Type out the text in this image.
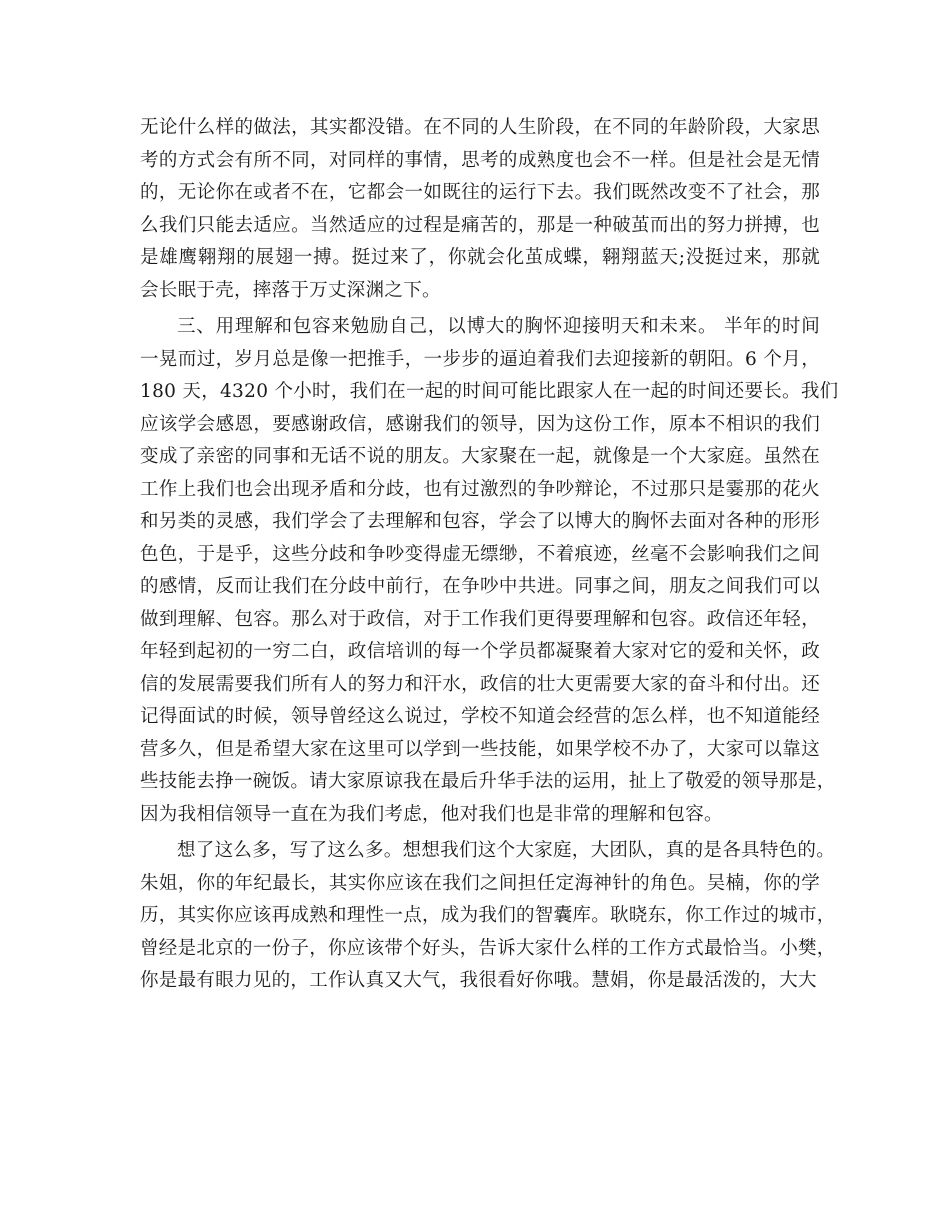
无论什么样的做法，其实都没错。在不同的人生阶段，在不同的年龄阶段，大家思
考的方式会有所不同，对同样的事情，思考的成熟度也会不一样。但是社会是无情
的，无论你在或者不在，它都会一如既往的运行下去。我们既然改变不了社会，那
么我们只能去适应。当然适应的过程是痛苦的，那是一种破茧而出的努力拼搏，也
是雄鹰翱翔的展翅一搏。挺过来了，你就会化茧成蝶，翱翔蓝天;没挺过来，那就
会长眠于壳，摔落于万丈深渊之下。
三、用理解和包容来勉励自己，以博大的胸怀迎接明天和未来。 半年的时间
一晃而过，岁月总是像一把推手，一步步的逼迫着我们去迎接新的朝阳。6 个月，
180 天，4320 个小时，我们在一起的时间可能比跟家人在一起的时间还要长。我们
应该学会感恩，要感谢政信，感谢我们的领导，因为这份工作，原本不相识的我们
变成了亲密的同事和无话不说的朋友。大家聚在一起，就像是一个大家庭。虽然在
工作上我们也会出现矛盾和分歧，也有过激烈的争吵辩论，不过那只是霎那的花火
和另类的灵感，我们学会了去理解和包容，学会了以博大的胸怀去面对各种的形形
色色，于是乎，这些分歧和争吵变得虚无缥缈，不着痕迹，丝毫不会影响我们之间
的感情，反而让我们在分歧中前行，在争吵中共进。同事之间，朋友之间我们可以
做到理解、包容。那么对于政信，对于工作我们更得要理解和包容。政信还年轻，
年轻到起初的一穷二白，政信培训的每一个学员都凝聚着大家对它的爱和关怀，政
信的发展需要我们所有人的努力和汗水，政信的壮大更需要大家的奋斗和付出。还
记得面试的时候，领导曾经这么说过，学校不知道会经营的怎么样，也不知道能经
营多久，但是希望大家在这里可以学到一些技能，如果学校不办了，大家可以靠这
些技能去挣一碗饭。请大家原谅我在最后升华手法的运用，扯上了敬爱的领导那是，
因为我相信领导一直在为我们考虑，他对我们也是非常的理解和包容。
想了这么多，写了这么多。想想我们这个大家庭，大团队，真的是各具特色的。
朱姐，你的年纪最长，其实你应该在我们之间担任定海神针的角色。吴楠，你的学
历，其实你应该再成熟和理性一点，成为我们的智囊库。耿晓东，你工作过的城市，
曾经是北京的一份子，你应该带个好头，告诉大家什么样的工作方式最恰当。小樊，
你是最有眼力见的，工作认真又大气，我很看好你哦。慧娟，你是最活泼的，大大
